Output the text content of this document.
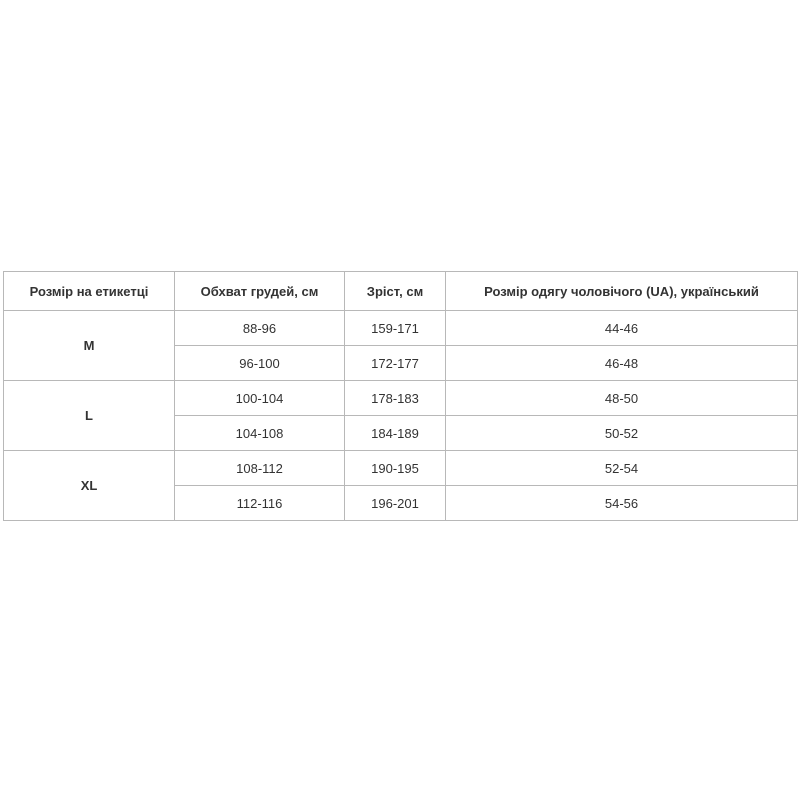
Розмір на етикетці	Обхват грудей, см	Зріст, см	Розмір одягу чоловічого (UA), український
M	88-96	159-171	44-46
	96-100	172-177	46-48
L	100-104	178-183	48-50
	104-108	184-189	50-52
XL	108-112	190-195	52-54
	112-116	196-201	54-56
